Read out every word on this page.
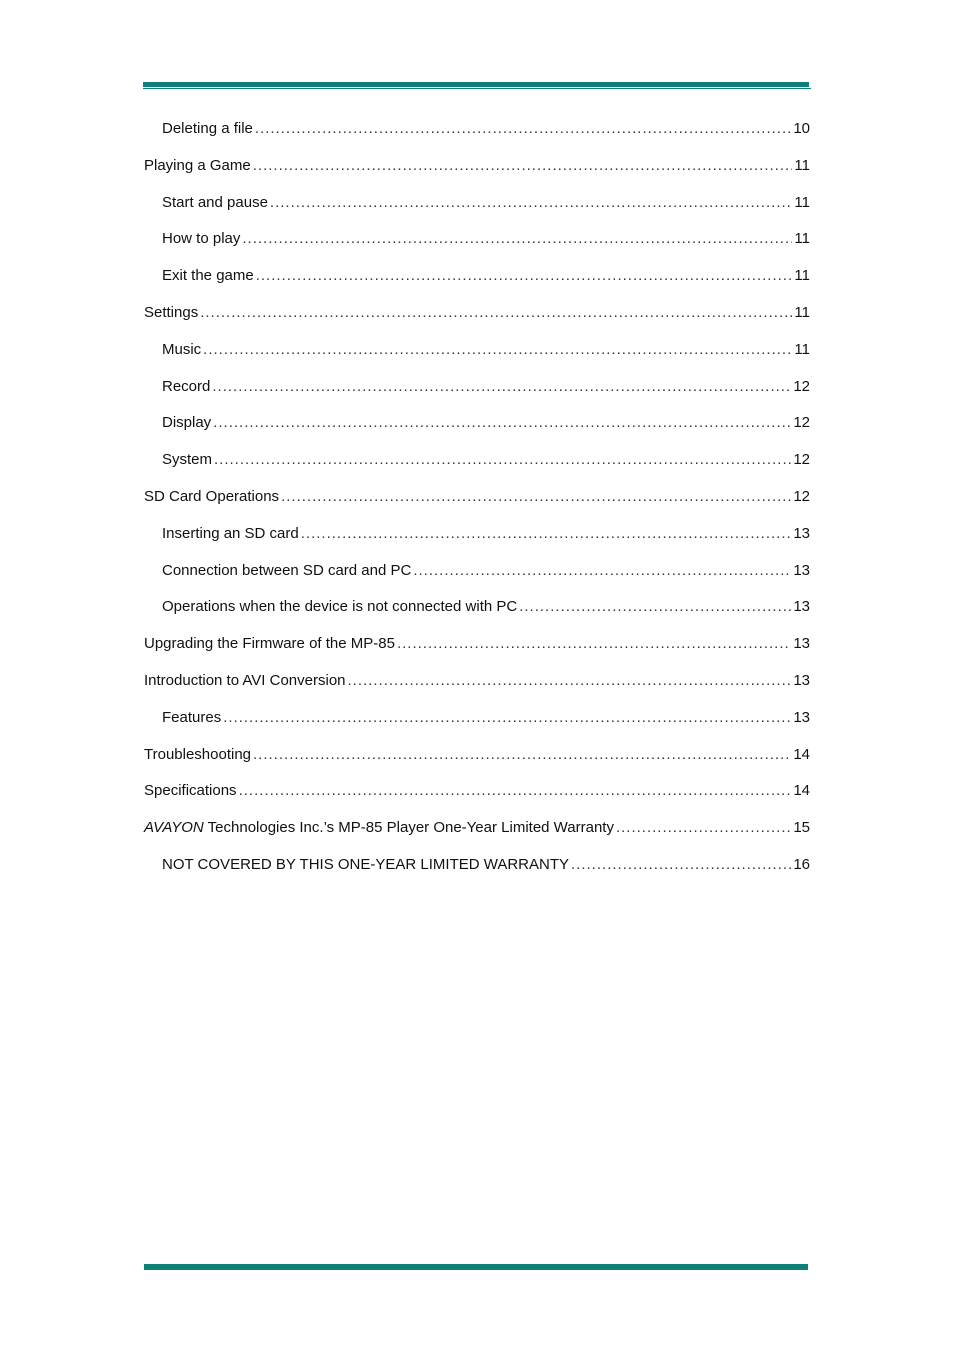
Deleting a file .....	10
Playing a Game .....	11
Start and pause .....	11
How to play .....	11
Exit the game .....	11
Settings .....	11
Music .....	11
Record .....	12
Display .....	12
System .....	12
SD Card Operations .....	12
Inserting an SD card .....	13
Connection between SD card and PC .....	13
Operations when the device is not connected with PC .....	13
Upgrading the Firmware of the MP-85 .....	13
Introduction to AVI Conversion .....	13
Features .....	13
Troubleshooting .....	14
Specifications .....	14
AVAYON Technologies Inc.’s MP-85 Player One-Year Limited Warranty .....	15
NOT COVERED BY THIS ONE-YEAR LIMITED WARRANTY .....	16
